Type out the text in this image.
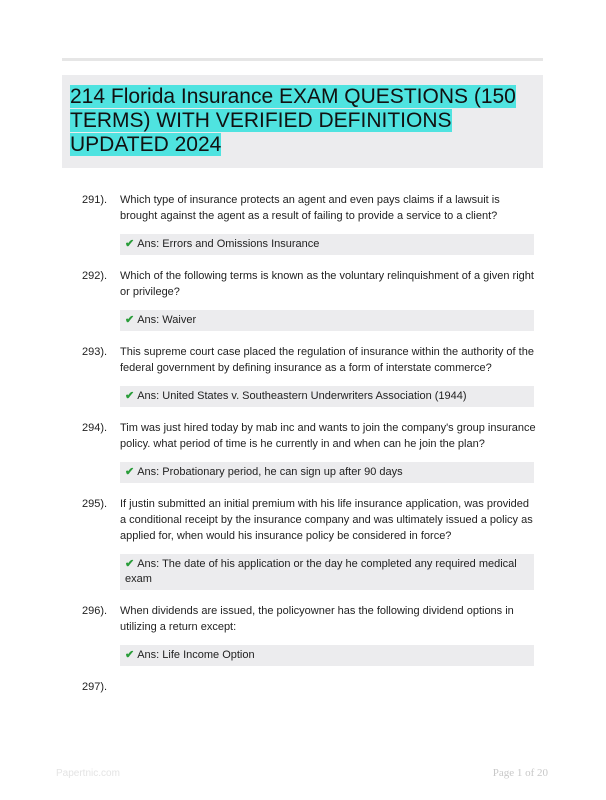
214 Florida Insurance EXAM QUESTIONS (150 TERMS) WITH VERIFIED DEFINITIONS UPDATED 2024
291). Which type of insurance protects an agent and even pays claims if a lawsuit is brought against the agent as a result of failing to provide a service to a client?
✔ Ans: Errors and Omissions Insurance
292). Which of the following terms is known as the voluntary relinquishment of a given right or privilege?
✔ Ans: Waiver
293). This supreme court case placed the regulation of insurance within the authority of the federal government by defining insurance as a form of interstate commerce?
✔ Ans: United States v. Southeastern Underwriters Association (1944)
294). Tim was just hired today by mab inc and wants to join the company's group insurance policy. what period of time is he currently in and when can he join the plan?
✔ Ans: Probationary period, he can sign up after 90 days
295). If justin submitted an initial premium with his life insurance application, was provided a conditional receipt by the insurance company and was ultimately issued a policy as applied for, when would his insurance policy be considered in force?
✔ Ans: The date of his application or the day he completed any required medical exam
296). When dividends are issued, the policyowner has the following dividend options in utilizing a return except:
✔ Ans: Life Income Option
297).
Papertnic.com	Page 1 of 20
